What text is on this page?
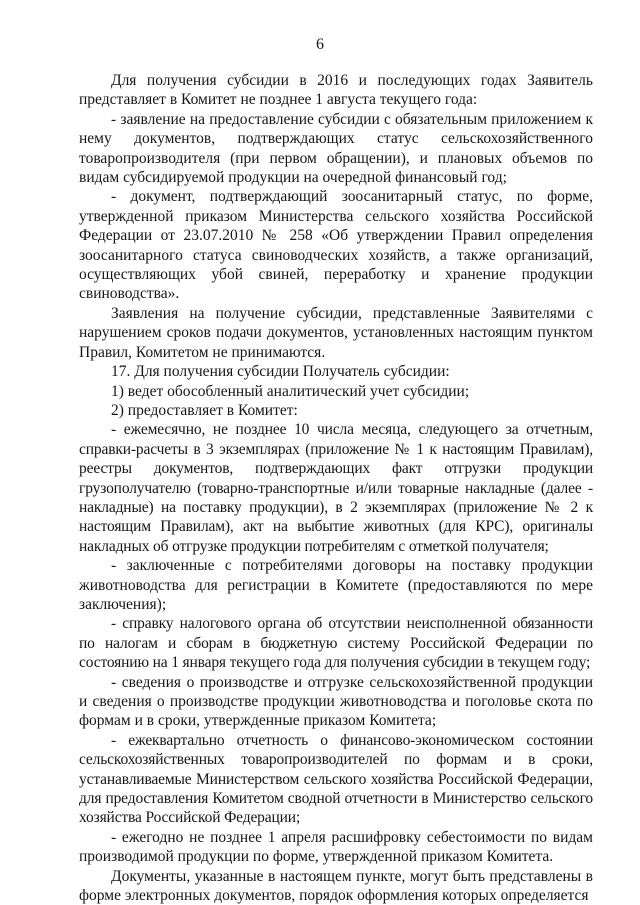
6

Для получения субсидии в 2016 и последующих годах Заявитель представляет в Комитет не позднее 1 августа текущего года:

- заявление на предоставление субсидии с обязательным приложением к нему документов, подтверждающих статус сельскохозяйственного товаропроизводителя (при первом обращении), и плановых объемов по видам субсидируемой продукции на очередной финансовый год;

- документ, подтверждающий зоосанитарный статус, по форме, утвержденной приказом Министерства сельского хозяйства Российской Федерации от 23.07.2010 № 258 «Об утверждении Правил определения зоосанитарного статуса свиноводческих хозяйств, а также организаций, осуществляющих убой свиней, переработку и хранение продукции свиноводства».

Заявления на получение субсидии, представленные Заявителями с нарушением сроков подачи документов, установленных настоящим пунктом Правил, Комитетом не принимаются.

17. Для получения субсидии Получатель субсидии:

1) ведет обособленный аналитический учет субсидии;

2) предоставляет в Комитет:

- ежемесячно, не позднее 10 числа месяца, следующего за отчетным, справки-расчеты в 3 экземплярах (приложение № 1 к настоящим Правилам), реестры документов, подтверждающих факт отгрузки продукции грузополучателю (товарно-транспортные и/или товарные накладные (далее - накладные) на поставку продукции), в 2 экземплярах (приложение № 2 к настоящим Правилам), акт на выбытие животных (для КРС), оригиналы накладных об отгрузке продукции потребителям с отметкой получателя;

- заключенные с потребителями договоры на поставку продукции животноводства для регистрации в Комитете (предоставляются по мере заключения);

- справку налогового органа об отсутствии неисполненной обязанности по налогам и сборам в бюджетную систему Российской Федерации по состоянию на 1 января текущего года для получения субсидии в текущем году;

- сведения о производстве и отгрузке сельскохозяйственной продукции и сведения о производстве продукции животноводства и поголовье скота по формам и в сроки, утвержденные приказом Комитета;

- ежеквартально отчетность о финансово-экономическом состоянии сельскохозяйственных товаропроизводителей по формам и в сроки, устанавливаемые Министерством сельского хозяйства Российской Федерации, для предоставления Комитетом сводной отчетности в Министерство сельского хозяйства Российской Федерации;

- ежегодно не позднее 1 апреля расшифровку себестоимости по видам производимой продукции по форме, утвержденной приказом Комитета.

Документы, указанные в настоящем пункте, могут быть представлены в форме электронных документов, порядок оформления которых определяется
